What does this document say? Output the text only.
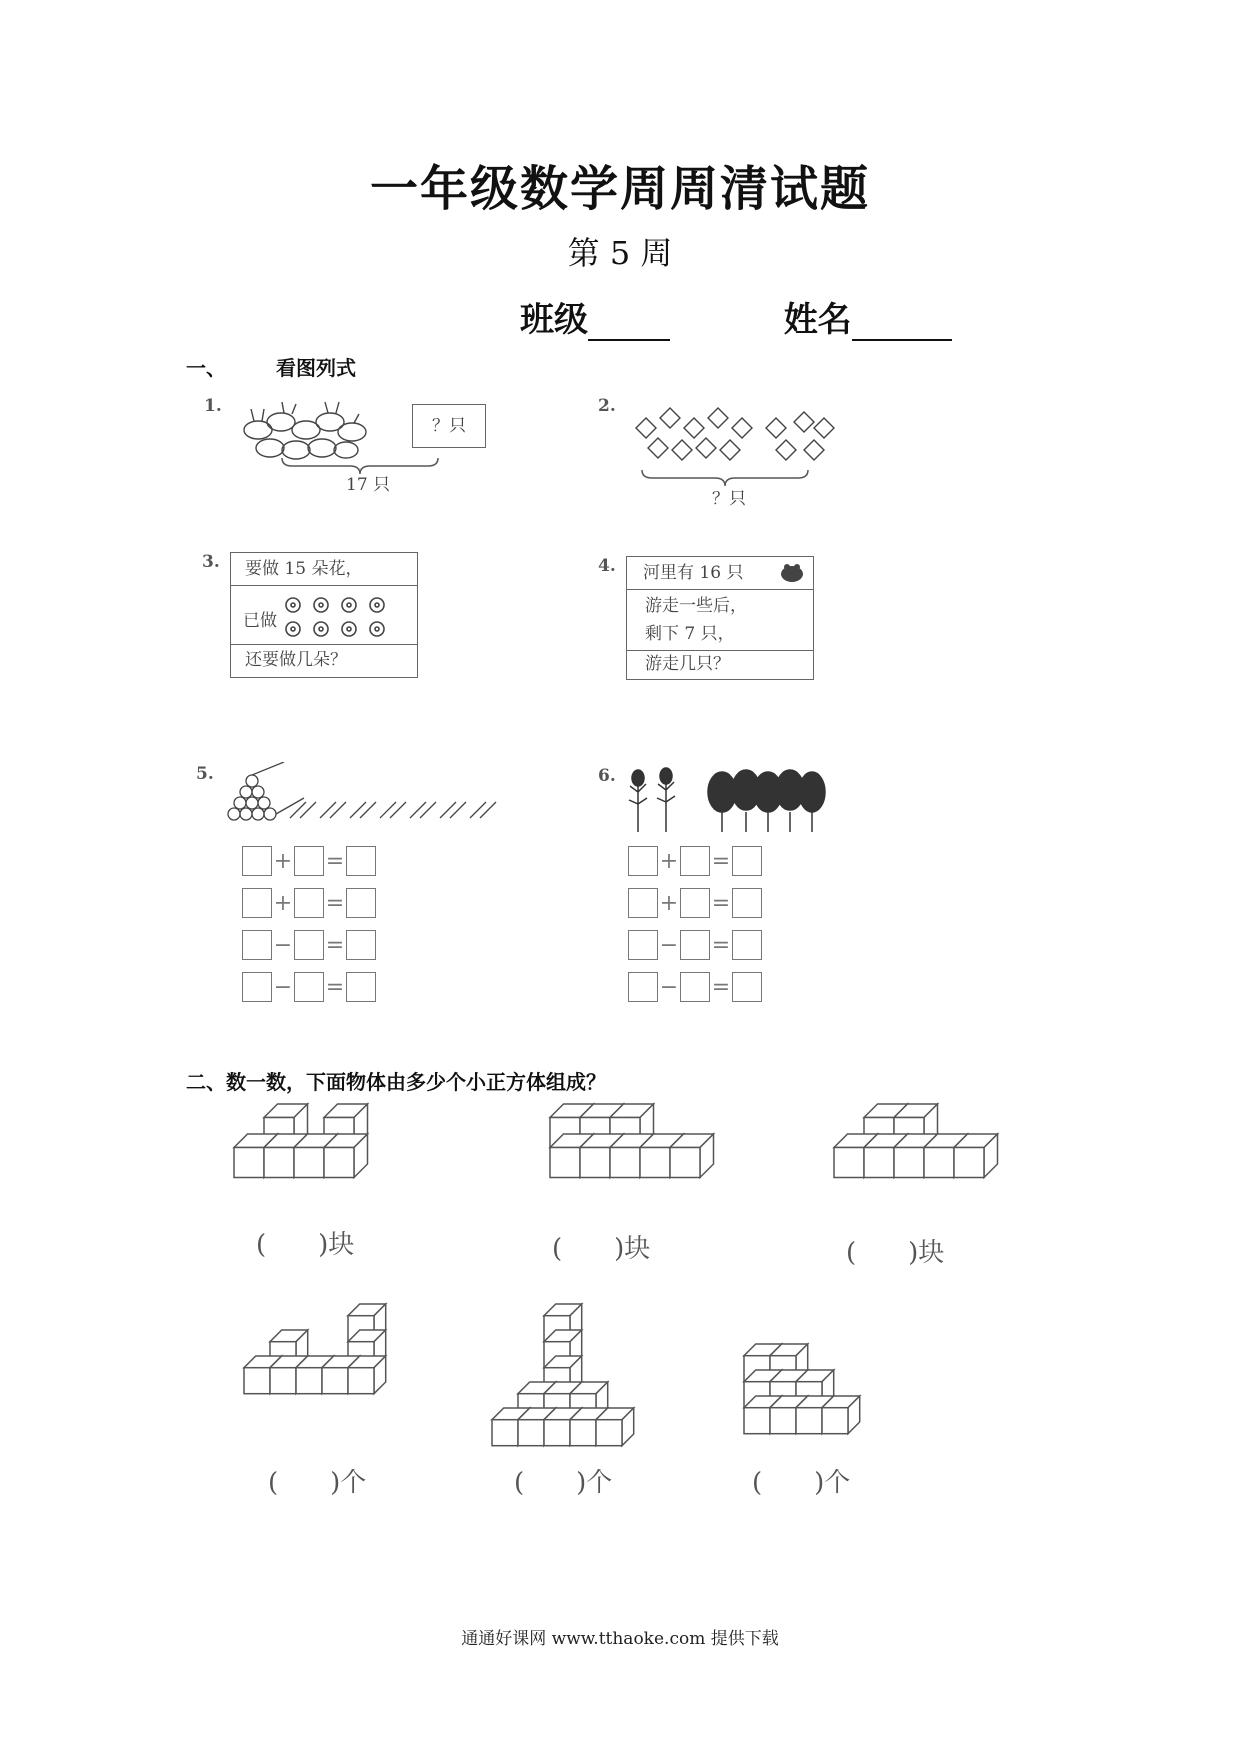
一年级数学周周清试题
第 5 周
班级	姓名
一、	看图列式
1.
？只
17 只
2.
？只
3.	要做 15 朵花，
已做
还要做几朵？
4.	河里有 16 只
游走一些后，
剩下 7 只，
游走几只？
5.
+ =
+ =
− =
− =
6.
+ =
+ =
− =
− =
二、数一数，下面物体由多少个小正方体组成？
(　　)块	(　　)块	(　　)块
(　　)个	(　　)个	(　　)个
通通好课网 www.tthaoke.com 提供下载
